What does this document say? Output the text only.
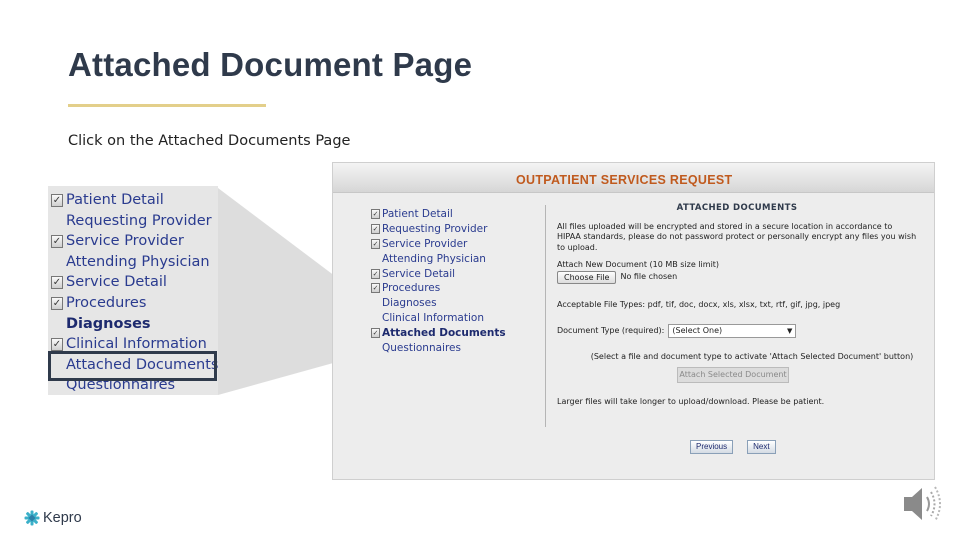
Attached Document Page
Click on the Attached Documents Page
✓ Patient Detail
Requesting Provider
✓ Service Provider
Attending Physician
✓ Service Detail
✓ Procedures
Diagnoses
✓ Clinical Information
Attached Documents
Questionnaires
OUTPATIENT SERVICES REQUEST
✓ Patient Detail
✓ Requesting Provider
✓ Service Provider
Attending Physician
✓ Service Detail
✓ Procedures
Diagnoses
Clinical Information
✓ Attached Documents
Questionnaires
ATTACHED DOCUMENTS
All files uploaded will be encrypted and stored in a secure location in accordance to HIPAA standards, please do not password protect or personally encrypt any files you wish to upload.
Attach New Document (10 MB size limit)
Choose File	No file chosen
Acceptable File Types: pdf, tif, doc, docx, xls, xlsx, txt, rtf, gif, jpg, jpeg
Document Type (required):	(Select One)	▼
(Select a file and document type to activate 'Attach Selected Document' button)
Attach Selected Document
Larger files will take longer to upload/download. Please be patient.
Previous	Next
Kepro
